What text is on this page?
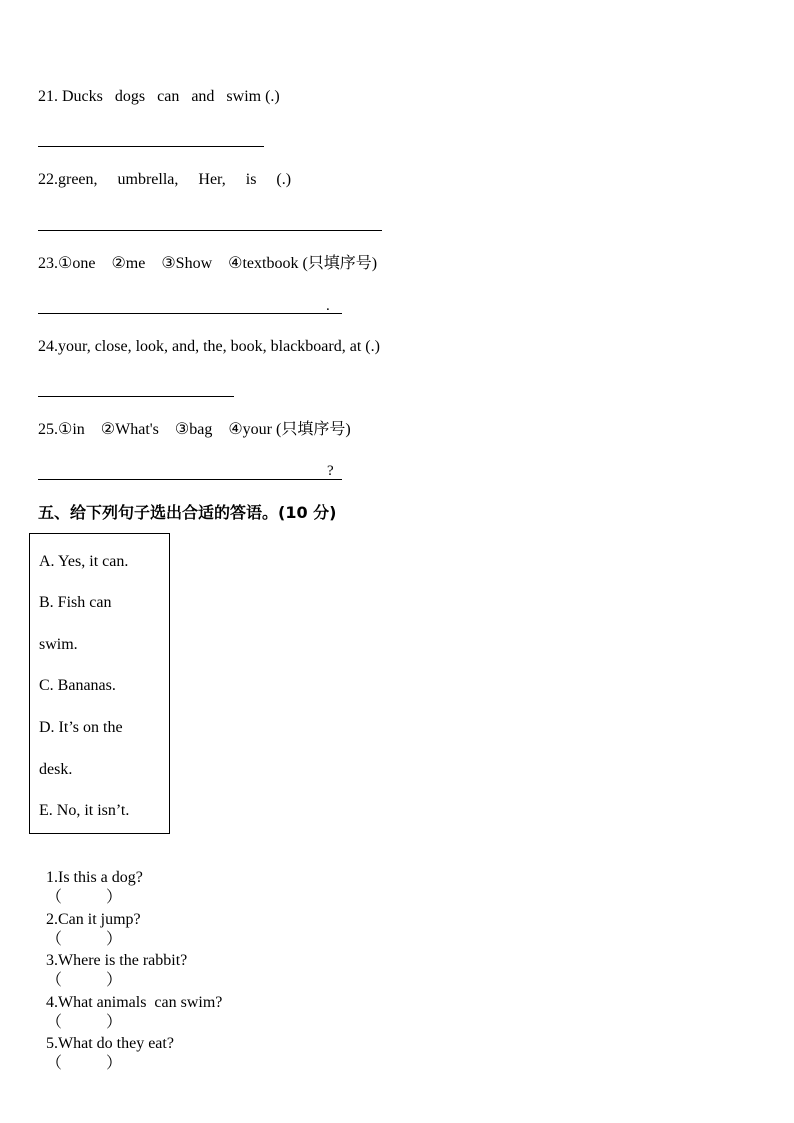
21. Ducks   dogs   can   and   swim (.)
22.green,     umbrella,     Her,     is     (.)
23.①one    ②me    ③Show    ④textbook (只填序号)
.
24.your, close, look, and, the, book, blackboard, at (.)
25.①in    ②What's    ③bag    ④your (只填序号)
?
五、给下列句子选出合适的答语。(10 分)
A. Yes, it can.
B. Fish can
swim.
C. Bananas.
D. It’s on the
desk.
E. No, it isn’t.

1.Is this a dog?
（	）

2.Can it jump?
（	）

3.Where is the rabbit?
（	）

4.What animals  can swim?
（	）

5.What do they eat?
（	）
